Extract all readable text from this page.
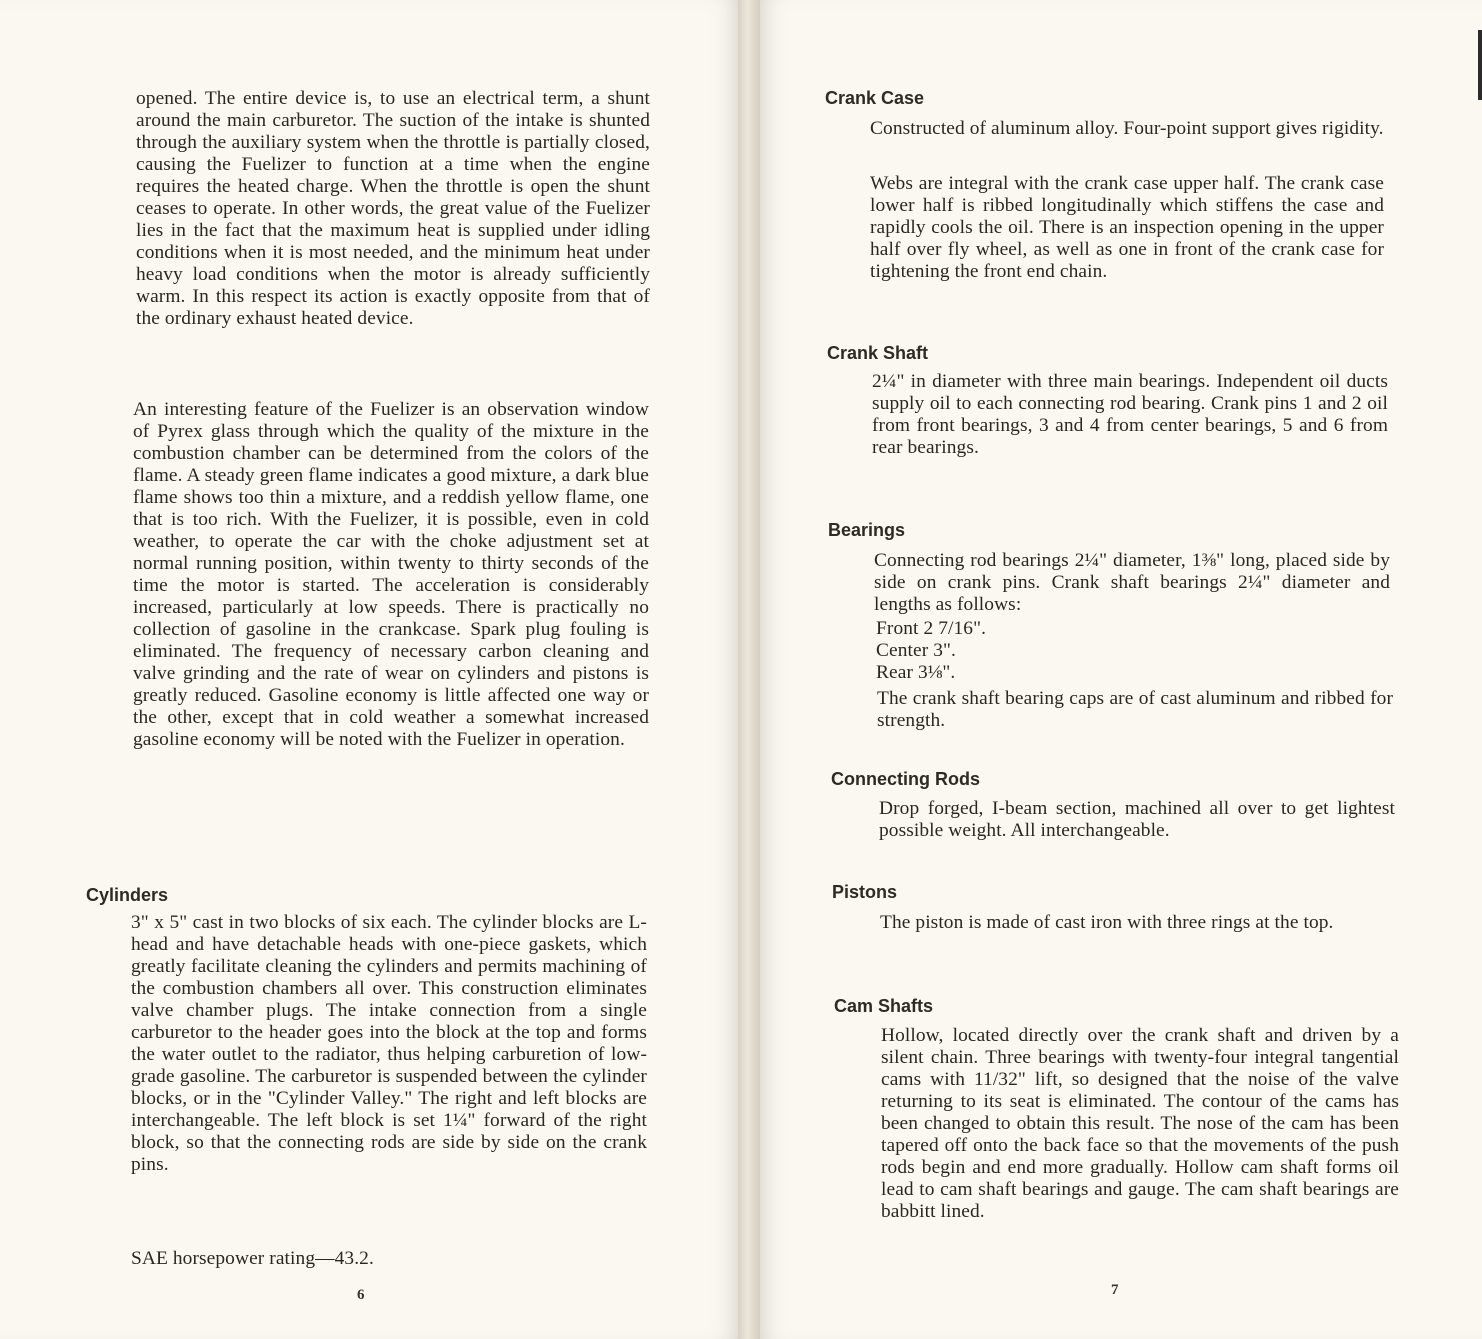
opened. The entire device is, to use an electrical term, a shunt around the main carburetor. The suction of the intake is shunted through the auxiliary system when the throttle is partially closed, causing the Fuelizer to function at a time when the engine requires the heated charge. When the throttle is open the shunt ceases to operate. In other words, the great value of the Fuelizer lies in the fact that the maximum heat is supplied under idling conditions when it is most needed, and the minimum heat under heavy load conditions when the motor is already sufficiently warm. In this respect its action is exactly opposite from that of the ordinary exhaust heated device.

An interesting feature of the Fuelizer is an observation window of Pyrex glass through which the quality of the mixture in the combustion chamber can be determined from the colors of the flame. A steady green flame indicates a good mixture, a dark blue flame shows too thin a mixture, and a reddish yellow flame, one that is too rich. With the Fuelizer, it is possible, even in cold weather, to operate the car with the choke adjustment set at normal running position, within twenty to thirty seconds of the time the motor is started. The acceleration is considerably increased, particularly at low speeds. There is practically no collection of gasoline in the crankcase. Spark plug fouling is eliminated. The frequency of necessary carbon cleaning and valve grinding and the rate of wear on cylinders and pistons is greatly reduced. Gasoline economy is little affected one way or the other, except that in cold weather a somewhat increased gasoline economy will be noted with the Fuelizer in operation.

Cylinders

3" x 5" cast in two blocks of six each. The cylinder blocks are L-head and have detachable heads with one-piece gaskets, which greatly facilitate cleaning the cylinders and permits machining of the combustion chambers all over. This construction eliminates valve chamber plugs. The intake connection from a single carburetor to the header goes into the block at the top and forms the water outlet to the radiator, thus helping carburetion of low-grade gasoline. The carburetor is suspended between the cylinder blocks, or in the "Cylinder Valley." The right and left blocks are interchangeable. The left block is set 1¼" forward of the right block, so that the connecting rods are side by side on the crank pins.

SAE horsepower rating—43.2.

6

Crank Case

Constructed of aluminum alloy. Four-point support gives rigidity.

Webs are integral with the crank case upper half. The crank case lower half is ribbed longitudinally which stiffens the case and rapidly cools the oil. There is an inspection opening in the upper half over fly wheel, as well as one in front of the crank case for tightening the front end chain.

Crank Shaft

2¼" in diameter with three main bearings. Independent oil ducts supply oil to each connecting rod bearing. Crank pins 1 and 2 oil from front bearings, 3 and 4 from center bearings, 5 and 6 from rear bearings.

Bearings

Connecting rod bearings 2¼" diameter, 1⅜" long, placed side by side on crank pins. Crank shaft bearings 2¼" diameter and lengths as follows:

Front 2 7/16".

Center 3".

Rear 3⅛".

The crank shaft bearing caps are of cast aluminum and ribbed for strength.

Connecting Rods

Drop forged, I-beam section, machined all over to get lightest possible weight. All interchangeable.

Pistons

The piston is made of cast iron with three rings at the top.

Cam Shafts

Hollow, located directly over the crank shaft and driven by a silent chain. Three bearings with twenty-four integral tangential cams with 11/32" lift, so designed that the noise of the valve returning to its seat is eliminated. The contour of the cams has been changed to obtain this result. The nose of the cam has been tapered off onto the back face so that the movements of the push rods begin and end more gradually. Hollow cam shaft forms oil lead to cam shaft bearings and gauge. The cam shaft bearings are babbitt lined.

7
